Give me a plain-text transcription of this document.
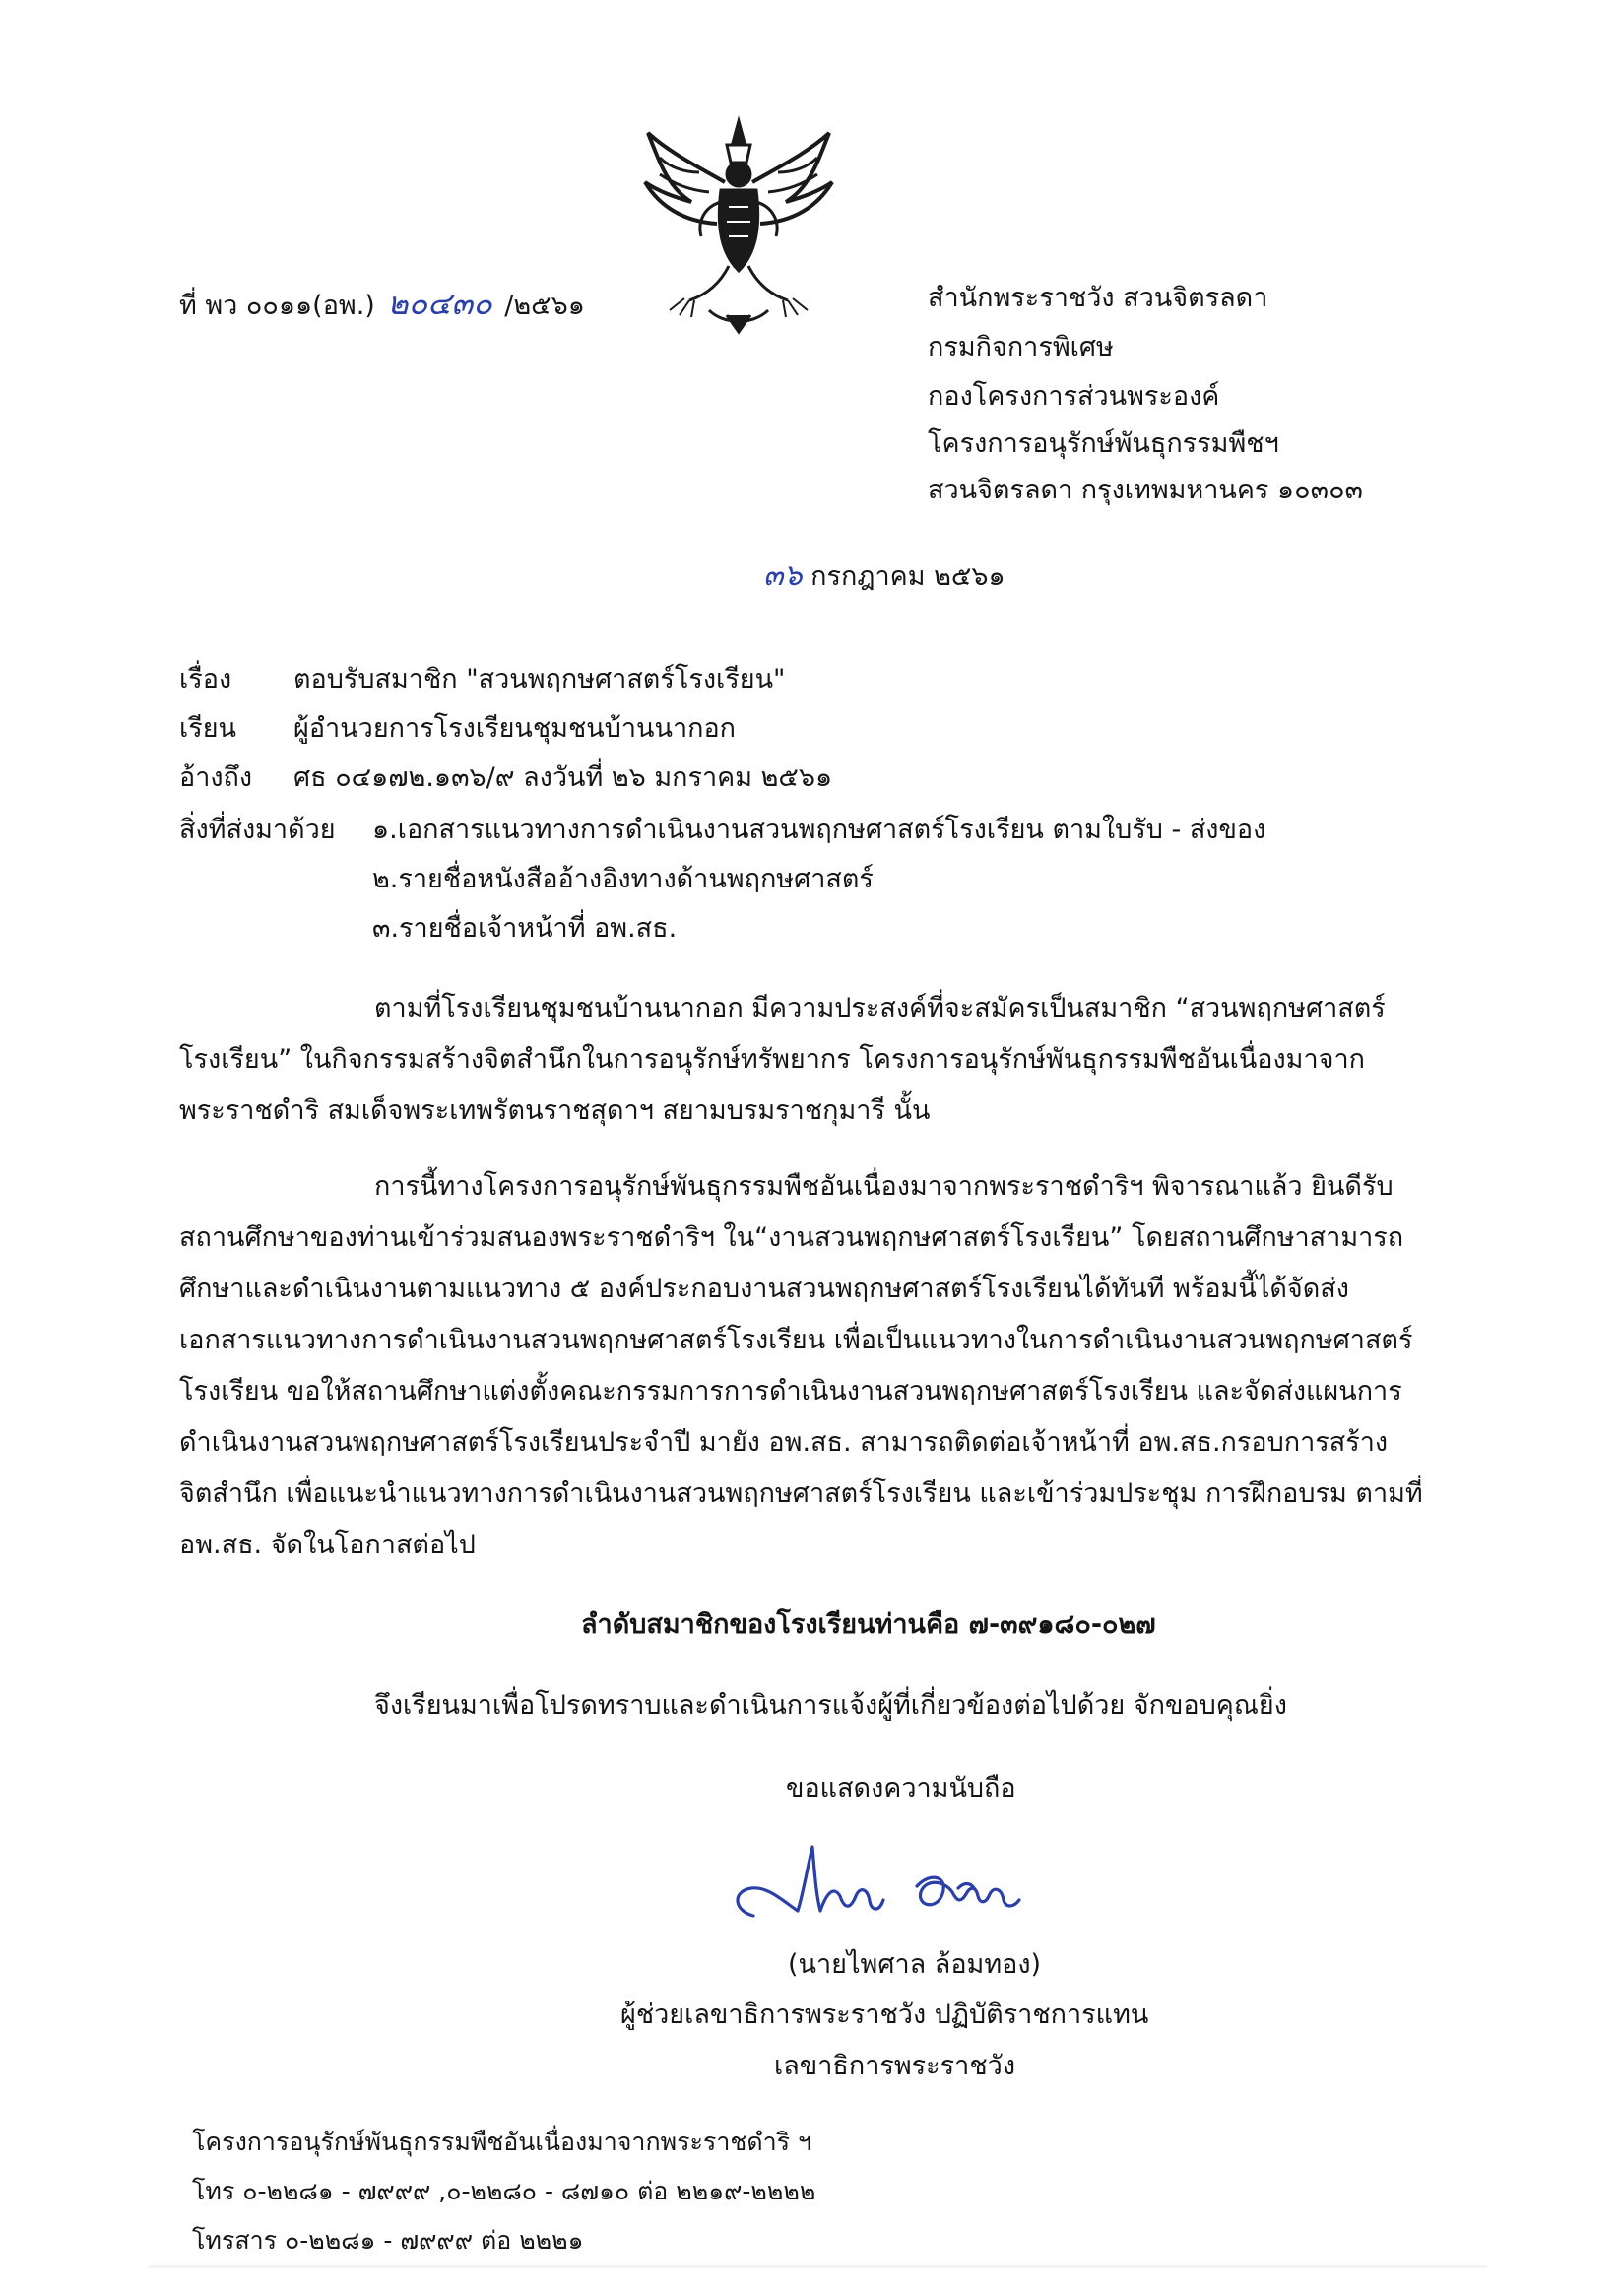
ที่ พว ๐๐๑๑(อพ.) ๒๐๔๓๐ /๒๕๖๑	สำนักพระราชวัง สวนจิตรลดา
กรมกิจการพิเศษ
กองโครงการส่วนพระองค์
โครงการอนุรักษ์พันธุกรรมพืชฯ
สวนจิตรลดา กรุงเทพมหานคร ๑๐๓๐๓
๓๖ กรกฎาคม ๒๕๖๑
เรื่อง ตอบรับสมาชิก "สวนพฤกษศาสตร์โรงเรียน"
เรียน ผู้อำนวยการโรงเรียนชุมชนบ้านนากอก
อ้างถึง ศธ ๐๔๑๗๒.๑๓๖/๙ ลงวันที่ ๒๖ มกราคม ๒๕๖๑
สิ่งที่ส่งมาด้วย ๑.เอกสารแนวทางการดำเนินงานสวนพฤกษศาสตร์โรงเรียน ตามใบรับ - ส่งของ
๒.รายชื่อหนังสืออ้างอิงทางด้านพฤกษศาสตร์
๓.รายชื่อเจ้าหน้าที่ อพ.สธ.
ตามที่โรงเรียนชุมชนบ้านนากอก มีความประสงค์ที่จะสมัครเป็นสมาชิก “สวนพฤกษศาสตร์
โรงเรียน” ในกิจกรรมสร้างจิตสำนึกในการอนุรักษ์ทรัพยากร โครงการอนุรักษ์พันธุกรรมพืชอันเนื่องมาจาก
พระราชดำริ สมเด็จพระเทพรัตนราชสุดาฯ สยามบรมราชกุมารี นั้น
การนี้ทางโครงการอนุรักษ์พันธุกรรมพืชอันเนื่องมาจากพระราชดำริฯ พิจารณาแล้ว ยินดีรับ
สถานศึกษาของท่านเข้าร่วมสนองพระราชดำริฯ ใน“งานสวนพฤกษศาสตร์โรงเรียน” โดยสถานศึกษาสามารถ
ศึกษาและดำเนินงานตามแนวทาง ๕ องค์ประกอบงานสวนพฤกษศาสตร์โรงเรียนได้ทันที พร้อมนี้ได้จัดส่ง
เอกสารแนวทางการดำเนินงานสวนพฤกษศาสตร์โรงเรียน เพื่อเป็นแนวทางในการดำเนินงานสวนพฤกษศาสตร์
โรงเรียน ขอให้สถานศึกษาแต่งตั้งคณะกรรมการการดำเนินงานสวนพฤกษศาสตร์โรงเรียน และจัดส่งแผนการ
ดำเนินงานสวนพฤกษศาสตร์โรงเรียนประจำปี มายัง อพ.สธ. สามารถติดต่อเจ้าหน้าที่ อพ.สธ.กรอบการสร้าง
จิตสำนึก เพื่อแนะนำแนวทางการดำเนินงานสวนพฤกษศาสตร์โรงเรียน และเข้าร่วมประชุม การฝึกอบรม ตามที่
อพ.สธ. จัดในโอกาสต่อไป
ลำดับสมาชิกของโรงเรียนท่านคือ ๗-๓๙๑๘๐-๐๒๗
จึงเรียนมาเพื่อโปรดทราบและดำเนินการแจ้งผู้ที่เกี่ยวข้องต่อไปด้วย จักขอบคุณยิ่ง
ขอแสดงความนับถือ
(นายไพศาล ล้อมทอง)
ผู้ช่วยเลขาธิการพระราชวัง ปฏิบัติราชการแทน
เลขาธิการพระราชวัง
โครงการอนุรักษ์พันธุกรรมพืชอันเนื่องมาจากพระราชดำริ ฯ
โทร ๐-๒๒๘๑ - ๗๙๙๙ ,๐-๒๒๘๐ - ๘๗๑๐ ต่อ ๒๒๑๙-๒๒๒๒
โทรสาร ๐-๒๒๘๑ - ๗๙๙๙ ต่อ ๒๒๒๑
